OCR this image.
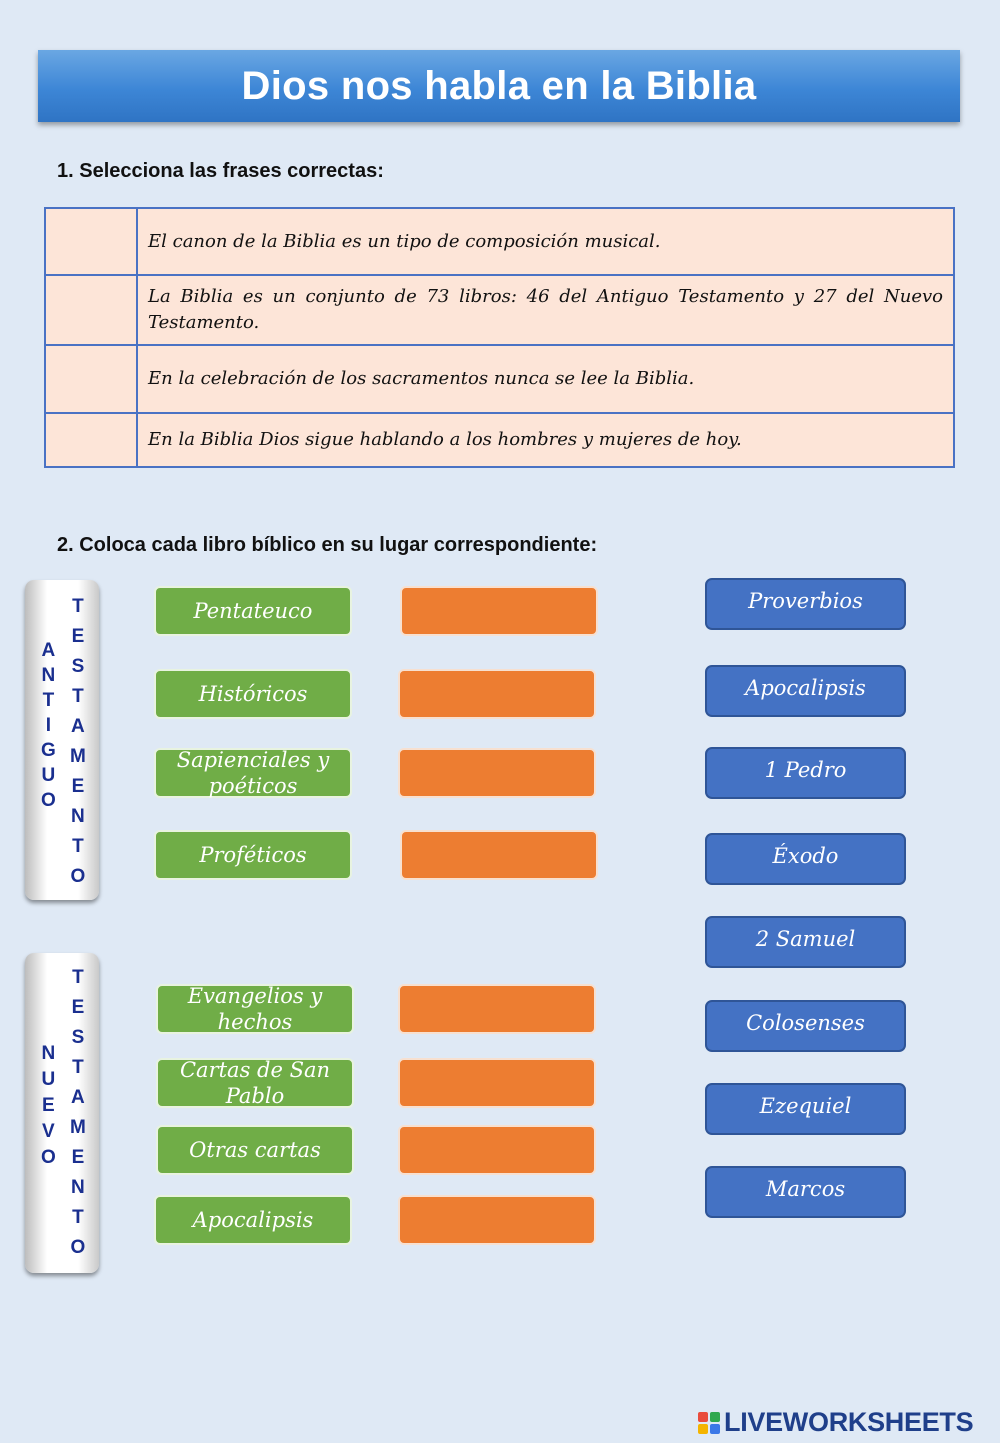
Dios nos habla en la Biblia
1. Selecciona las frases correctas:
	El canon de la Biblia es un tipo de composición musical.
	La Biblia es un conjunto de 73 libros: 46 del Antiguo Testamento y 27 del Nuevo Testamento.
	En la celebración de los sacramentos nunca se lee la Biblia.
	En la Biblia Dios sigue hablando a los hombres y mujeres de hoy.
2. Coloca cada libro bíblico en su lugar correspondiente:
A
N
T
I
G
U
O
T
E
S
T
A
M
E
N
T
O
N
U
E
V
O
T
E
S
T
A
M
E
N
T
O
Pentateuco
Históricos
Sapienciales y poéticos
Proféticos
Evangelios y hechos
Cartas de San Pablo
Otras cartas
Apocalipsis
Proverbios
Apocalipsis
1 Pedro
Éxodo
2 Samuel
Colosenses
Ezequiel
Marcos
LIVEWORKSHEETS
